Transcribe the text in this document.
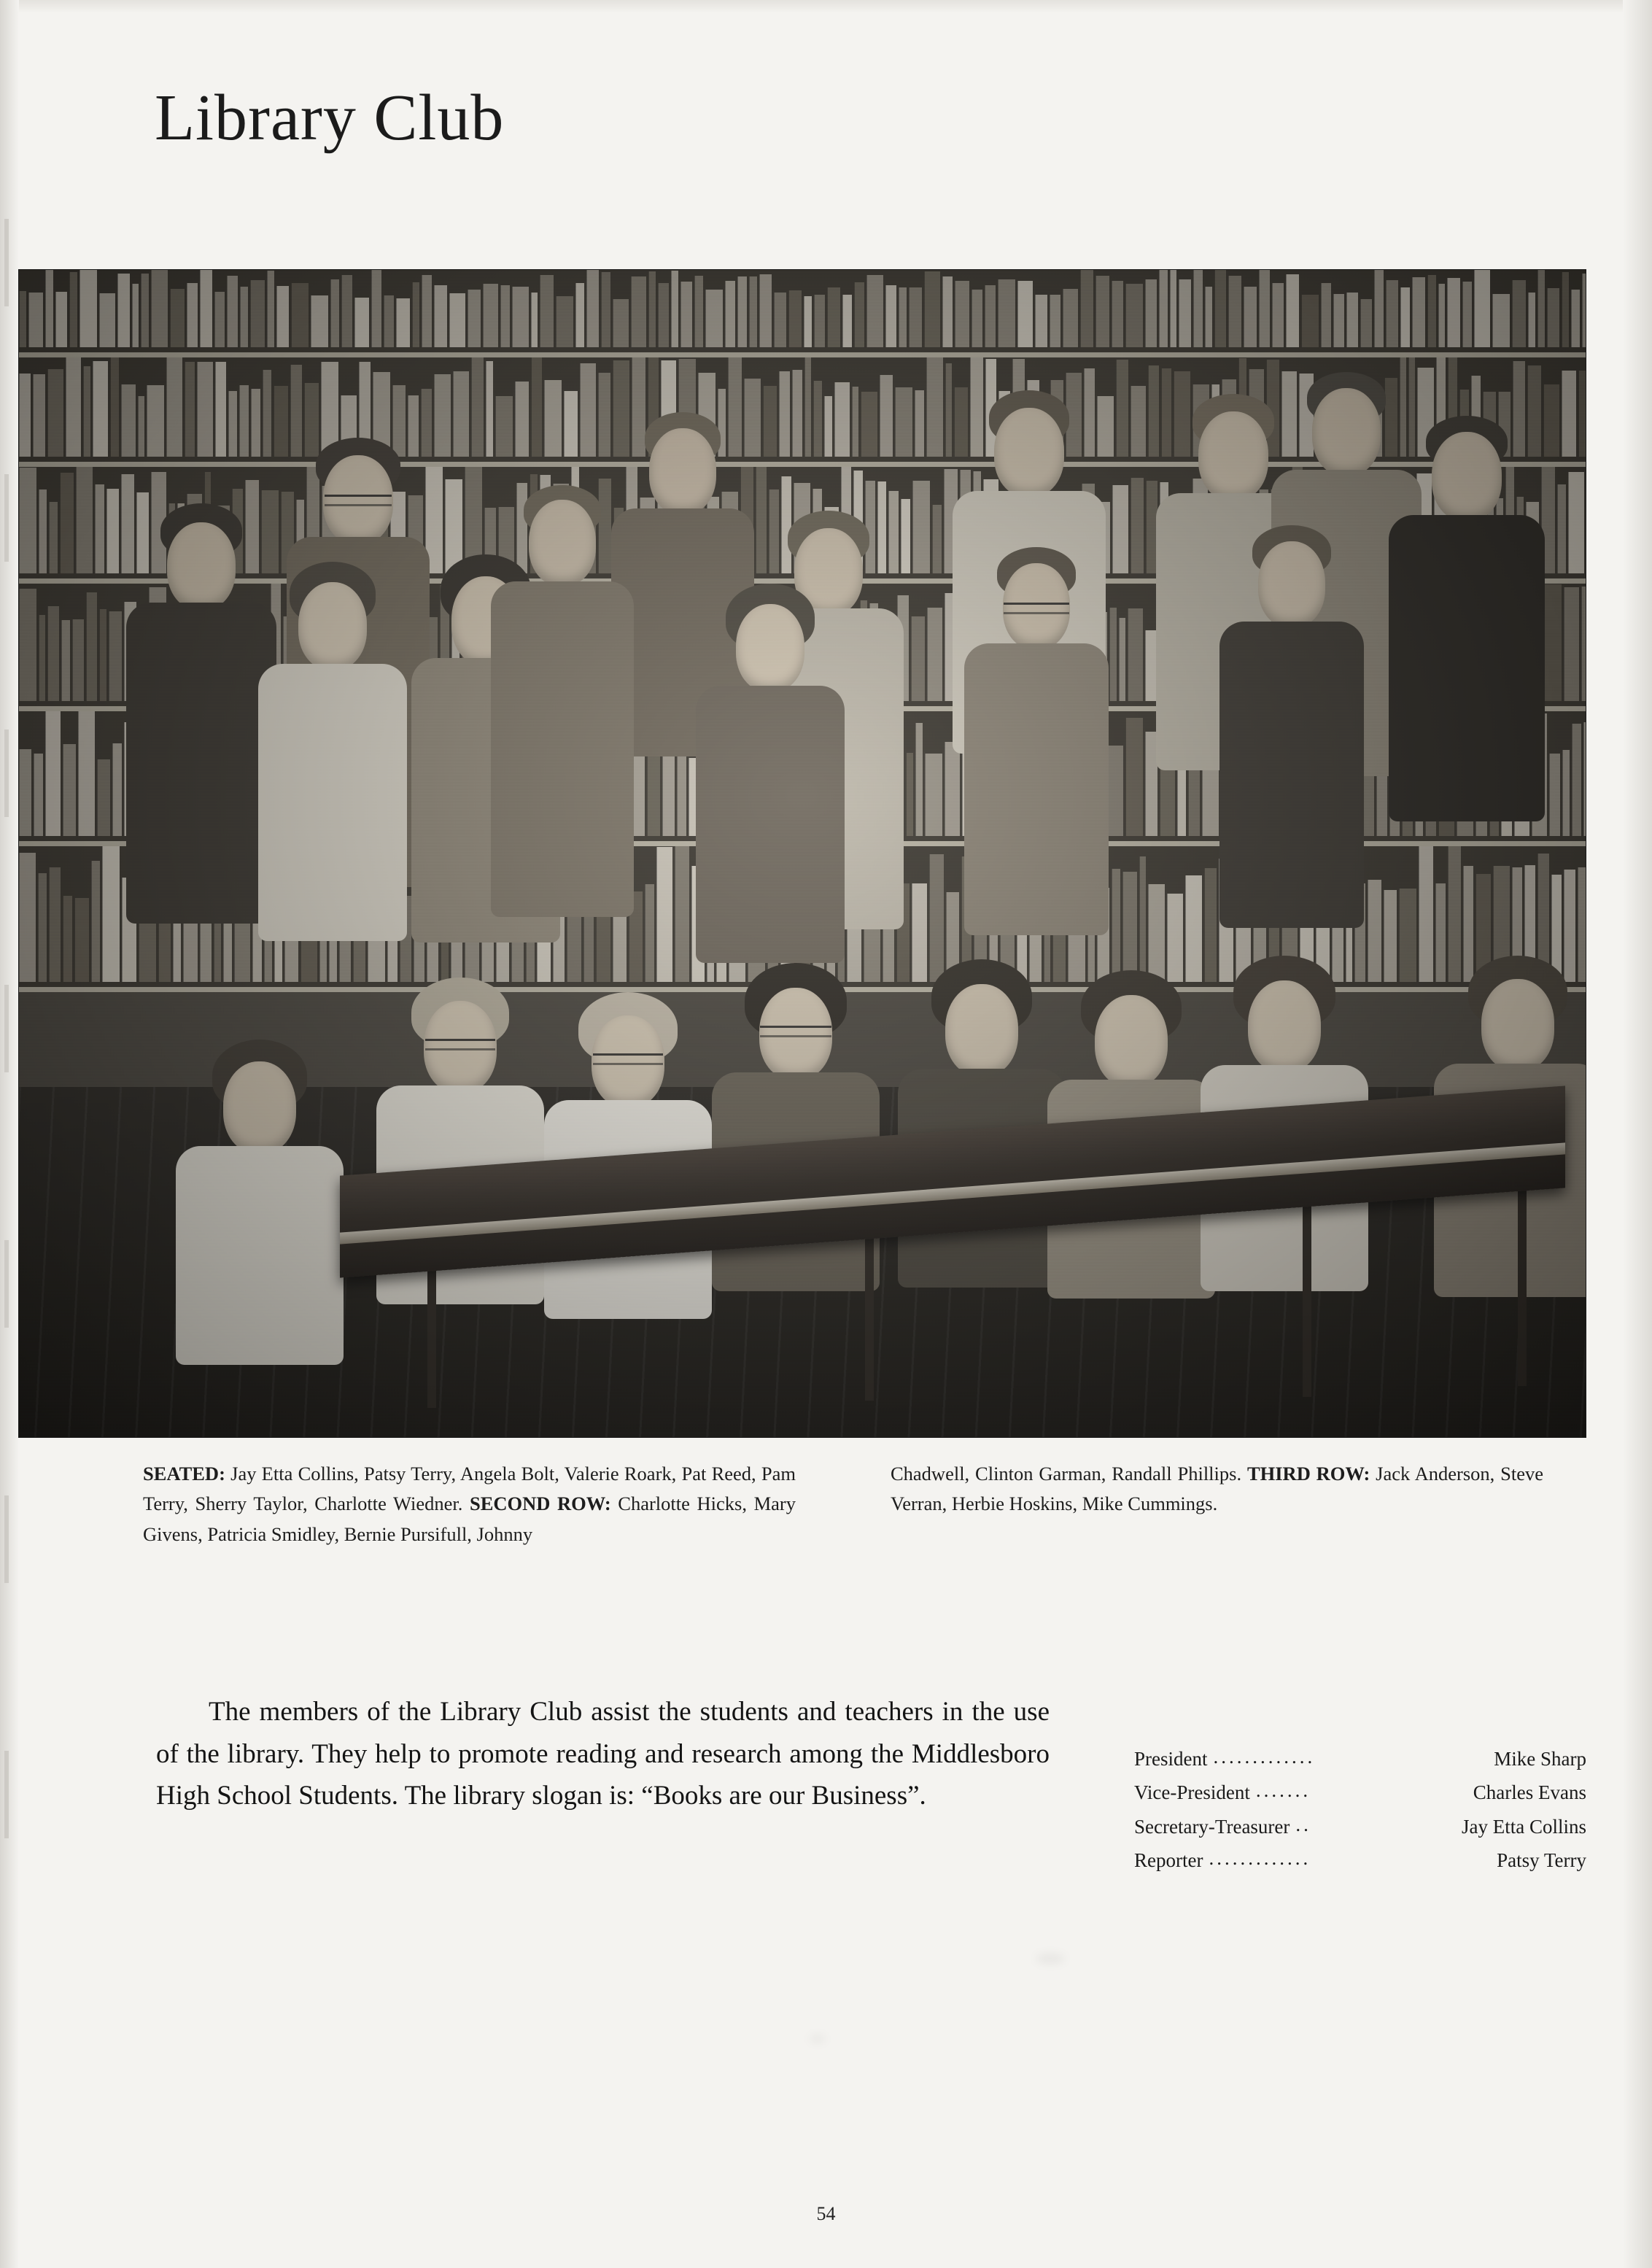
Library Club
SEATED: Jay Etta Collins, Patsy Terry, Angela Bolt, Valerie Roark, Pat Reed, Pam Terry, Sherry Taylor, Charlotte Wiedner. SECOND ROW: Charlotte Hicks, Mary Givens, Patricia Smidley, Bernie Pursifull, Johnny
Chadwell, Clinton Garman, Randall Phillips. THIRD ROW: Jack Anderson, Steve Verran, Herbie Hoskins, Mike Cummings.

The members of the Library Club assist the students and teachers in the use of the library. They help to promote reading and research among the Middlesboro High School Students. The library slogan is: “Books are our Business”.

President .............	Mike Sharp
Vice-President .......	Charles Evans
Secretary-Treasurer ..	Jay Etta Collins
Reporter .............	Patsy Terry
54
